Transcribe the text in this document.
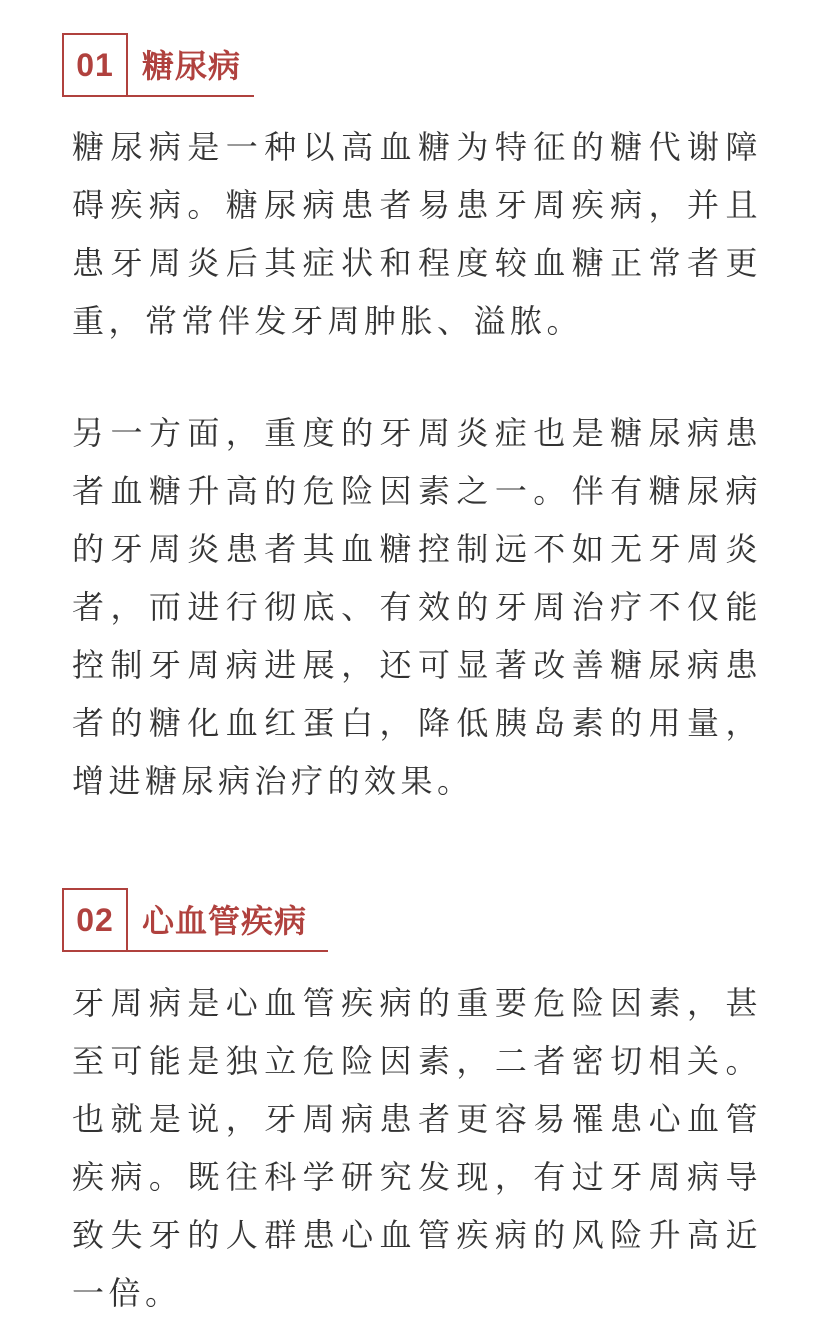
01 糖尿病

糖尿病是一种以高血糖为特征的糖代谢障碍疾病。糖尿病患者易患牙周疾病，并且患牙周炎后其症状和程度较血糖正常者更重，常常伴发牙周肿胀、溢脓。

另一方面，重度的牙周炎症也是糖尿病患者血糖升高的危险因素之一。伴有糖尿病的牙周炎患者其血糖控制远不如无牙周炎者，而进行彻底、有效的牙周治疗不仅能控制牙周病进展，还可显著改善糖尿病患者的糖化血红蛋白，降低胰岛素的用量，增进糖尿病治疗的效果。

02 心血管疾病

牙周病是心血管疾病的重要危险因素，甚至可能是独立危险因素，二者密切相关。也就是说，牙周病患者更容易罹患心血管疾病。既往科学研究发现，有过牙周病导致失牙的人群患心血管疾病的风险升高近一倍。
